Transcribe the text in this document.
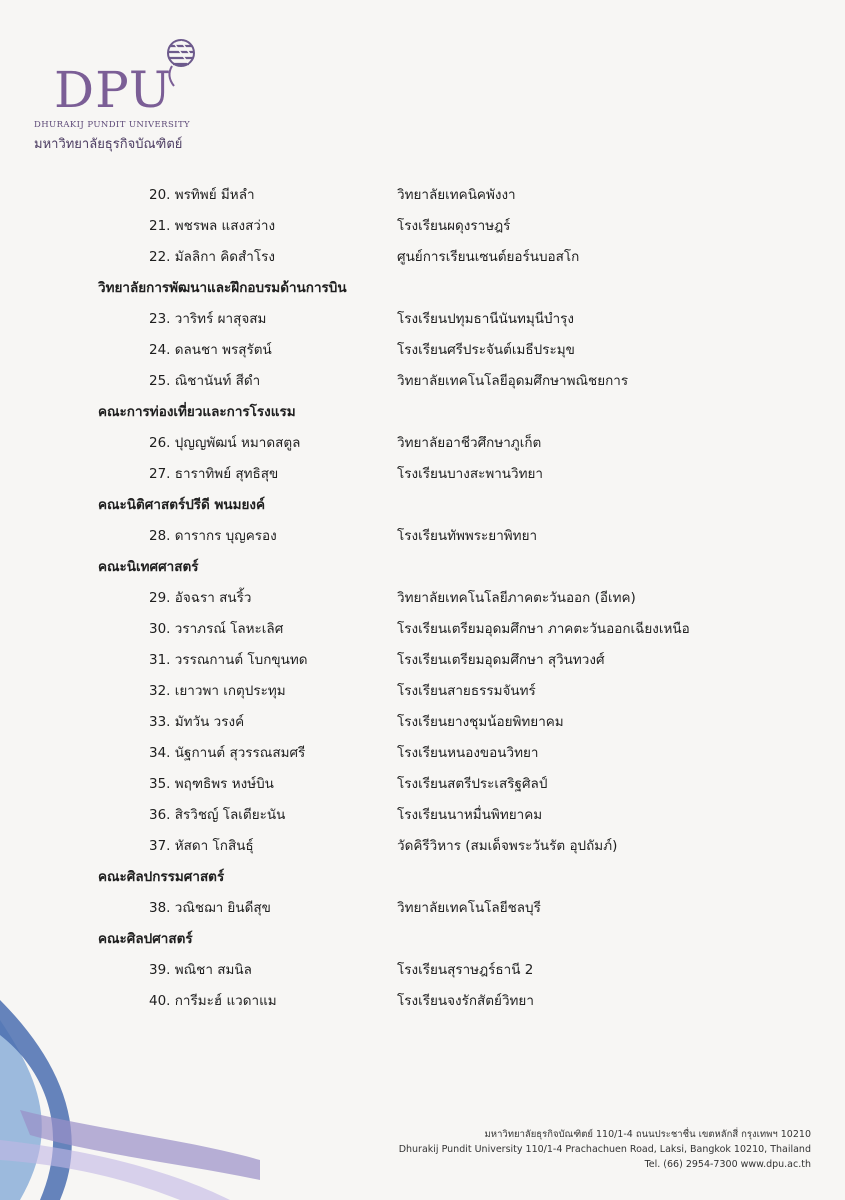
DPU
DHURAKIJ PUNDIT UNIVERSITY
มหาวิทยาลัยธุรกิจบัณฑิตย์
20. พรทิพย์ มีหลำ	วิทยาลัยเทคนิคพังงา
21. พชรพล แสงสว่าง	โรงเรียนผดุงราษฎร์
22. มัลลิกา คิดสำโรง	ศูนย์การเรียนเซนต์ยอร์นบอสโก
วิทยาลัยการพัฒนาและฝึกอบรมด้านการบิน
23. วาริทร์ ผาสุจสม	โรงเรียนปทุมธานีนันทมุนีบำรุง
24. ดลนชา พรสุรัตน์	โรงเรียนศรีประจันต์เมธีประมุข
25. ณิชานันท์ สีดำ	วิทยาลัยเทคโนโลยีอุดมศึกษาพณิชยการ
คณะการท่องเที่ยวและการโรงแรม
26. ปุญญพัฒน์ หมาดสตูล	วิทยาลัยอาชีวศึกษาภูเก็ต
27. ธาราทิพย์ สุทธิสุข	โรงเรียนบางสะพานวิทยา
คณะนิติศาสตร์ปรีดี พนมยงค์
28. ดารากร บุญครอง	โรงเรียนทัพพระยาพิทยา
คณะนิเทศศาสตร์
29. อัจฉรา สนริ้ว	วิทยาลัยเทคโนโลยีภาคตะวันออก (อีเทค)
30. วราภรณ์ โลหะเลิศ	โรงเรียนเตรียมอุดมศึกษา ภาคตะวันออกเฉียงเหนือ
31. วรรณกานต์ โบกขุนทด	โรงเรียนเตรียมอุดมศึกษา สุวินทวงศ์
32. เยาวพา เกตุประทุม	โรงเรียนสายธรรมจันทร์
33. มัทวัน วรงค์	โรงเรียนยางชุมน้อยพิทยาคม
34. นัฐกานต์ สุวรรณสมศรี	โรงเรียนหนองขอนวิทยา
35. พฤฑธิพร หงษ์บิน	โรงเรียนสตรีประเสริฐศิลป์
36. สิรวิชญ์ โลเตียะนัน	โรงเรียนนาหมื่นพิทยาคม
37. หัสดา โกสินธุ์	วัดคิรีวิหาร (สมเด็จพระวันรัต อุปถัมภ์)
คณะศิลปกรรมศาสตร์
38. วณิชฌา ยินดีสุข	วิทยาลัยเทคโนโลยีชลบุรี
คณะศิลปศาสตร์
39. พณิชา สมนิล	โรงเรียนสุราษฎร์ธานี 2
40. การีมะฮ์ แวดาแม	โรงเรียนจงรักสัตย์วิทยา
มหาวิทยาลัยธุรกิจบัณฑิตย์ 110/1-4 ถนนประชาชื่น เขตหลักสี่ กรุงเทพฯ 10210
Dhurakij Pundit University 110/1-4 Prachachuen Road, Laksi, Bangkok 10210, Thailand
Tel. (66) 2954-7300 www.dpu.ac.th
